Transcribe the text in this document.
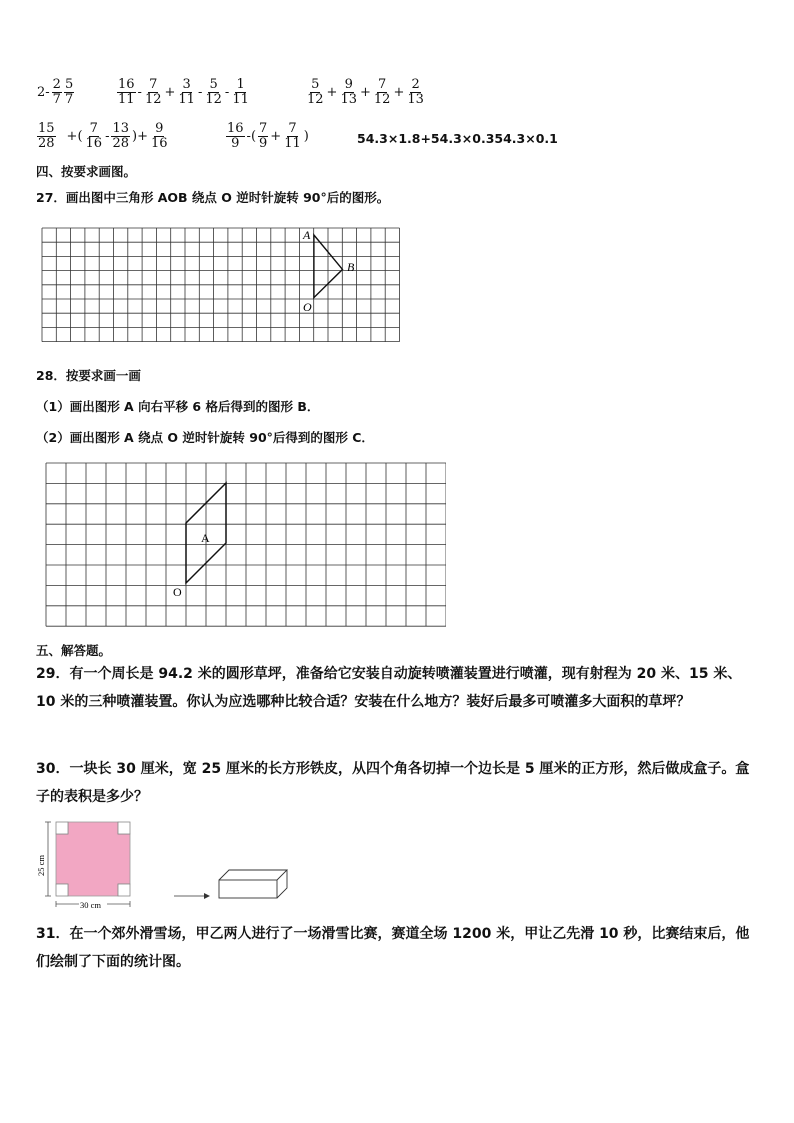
$2- \frac{2}{7} \frac{5}{7}$	$\frac{16}{11} - \frac{7}{12} + \frac{3}{11} - \frac{5}{12} - \frac{1}{11}$	$\frac{5}{12} + \frac{9}{13} + \frac{7}{12} + \frac{2}{13}$
$\frac{15}{28}$ +( $\frac{7}{16} - \frac{13}{28}$ )+ $\frac{9}{16}$	$\frac{16}{9}$ -( $\frac{7}{9} + \frac{7}{11}$ )	54.3×1.8+54.3×0.354.3×0.1
四、按要求画图。
27．画出图中三角形 AOB 绕点 O 逆时针旋转 90°后的图形。
A
B
O
28．按要求画一画
（1）画出图形 A 向右平移 6 格后得到的图形 B．
（2）画出图形 A 绕点 O 逆时针旋转 90°后得到的图形 C．
A
O
五、解答题。
29．有一个周长是 94.2 米的圆形草坪，准备给它安装自动旋转喷灌装置进行喷灌，现有射程为 20 米、15 米、10 米的三种喷灌装置。你认为应选哪种比较合适？安装在什么地方？装好后最多可喷灌多大面积的草坪？
30．一块长 30 厘米，宽 25 厘米的长方形铁皮，从四个角各切掉一个边长是 5 厘米的正方形，然后做成盒子。盒子的表积是多少？
25 cm
30 cm
31．在一个郊外滑雪场，甲乙两人进行了一场滑雪比赛，赛道全场 1200 米，甲让乙先滑 10 秒，比赛结束后，他们绘制了下面的统计图。
